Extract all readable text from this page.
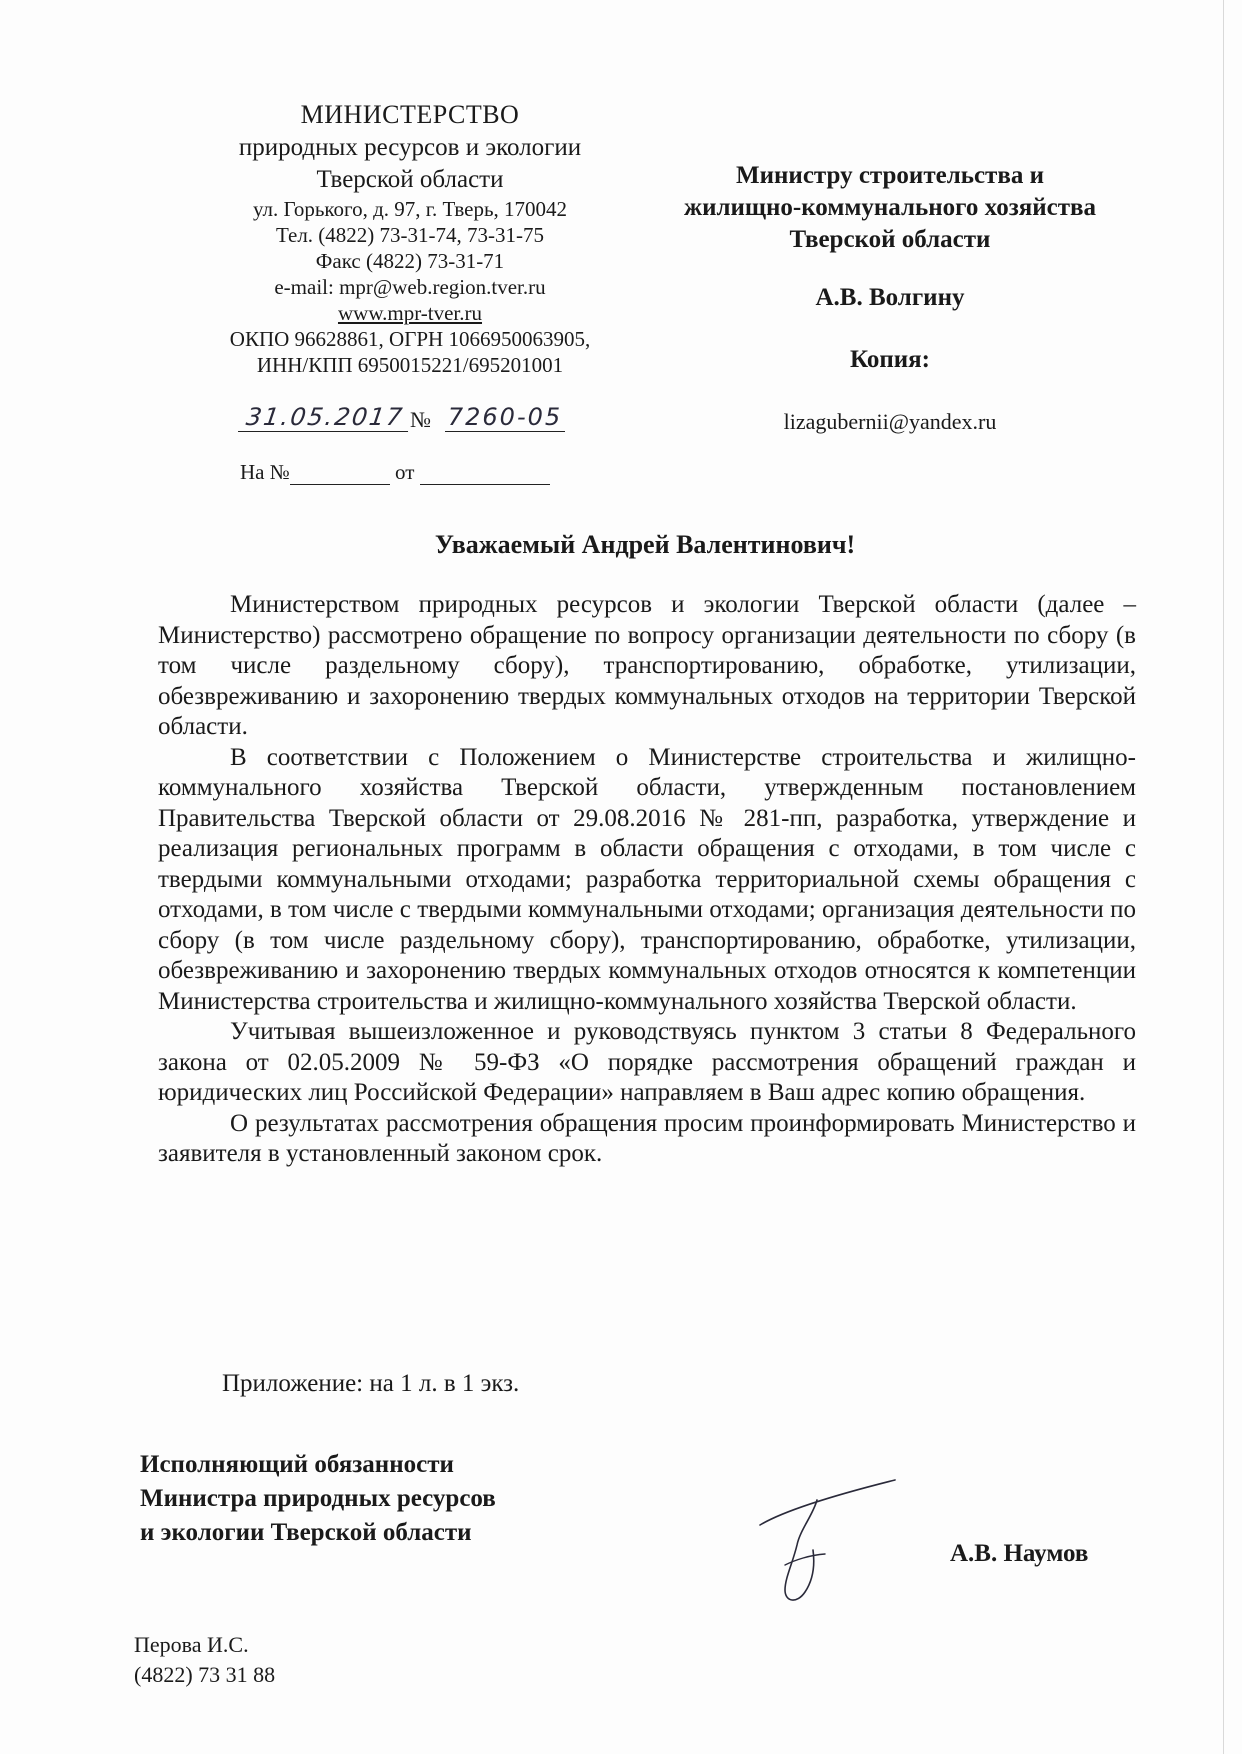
МИНИСТЕРСТВО
природных ресурсов и экологии
Тверской области
ул. Горького, д. 97, г. Тверь, 170042
Тел. (4822) 73-31-74, 73-31-75
Факс (4822) 73-31-71
e-mail: mpr@web.region.tver.ru
www.mpr-tver.ru
ОКПО 96628861, ОГРН 1066950063905,
ИНН/КПП 6950015221/695201001
31.05.2017 № 7260-05
На №	от
Министру строительства и
жилищно-коммунального хозяйства
Тверской области
А.В. Волгину
Копия:
lizagubernii@yandex.ru
Уважаемый Андрей Валентинович!

Министерством природных ресурсов и экологии Тверской области (далее – Министерство) рассмотрено обращение по вопросу организации деятельности по сбору (в том числе раздельному сбору), транспортированию, обработке, утилизации, обезвреживанию и захоронению твердых коммунальных отходов на территории Тверской области.

В соответствии с Положением о Министерстве строительства и жилищно-коммунального хозяйства Тверской области, утвержденным постановлением Правительства Тверской области от 29.08.2016 № 281-пп, разработка, утверждение и реализация региональных программ в области обращения с отходами, в том числе с твердыми коммунальными отходами; разработка территориальной схемы обращения с отходами, в том числе с твердыми коммунальными отходами; организация деятельности по сбору (в том числе раздельному сбору), транспортированию, обработке, утилизации, обезвреживанию и захоронению твердых коммунальных отходов относятся к компетенции Министерства строительства и жилищно-коммунального хозяйства Тверской области.

Учитывая вышеизложенное и руководствуясь пунктом 3 статьи 8 Федерального закона от 02.05.2009 № 59-ФЗ «О порядке рассмотрения обращений граждан и юридических лиц Российской Федерации» направляем в Ваш адрес копию обращения.

О результатах рассмотрения обращения просим проинформировать Министерство и заявителя в установленный законом срок.

Приложение: на 1 л. в 1 экз.
Исполняющий обязанности
Министра природных ресурсов
и экологии Тверской области
А.В. Наумов
Перова И.С.
(4822) 73 31 88
